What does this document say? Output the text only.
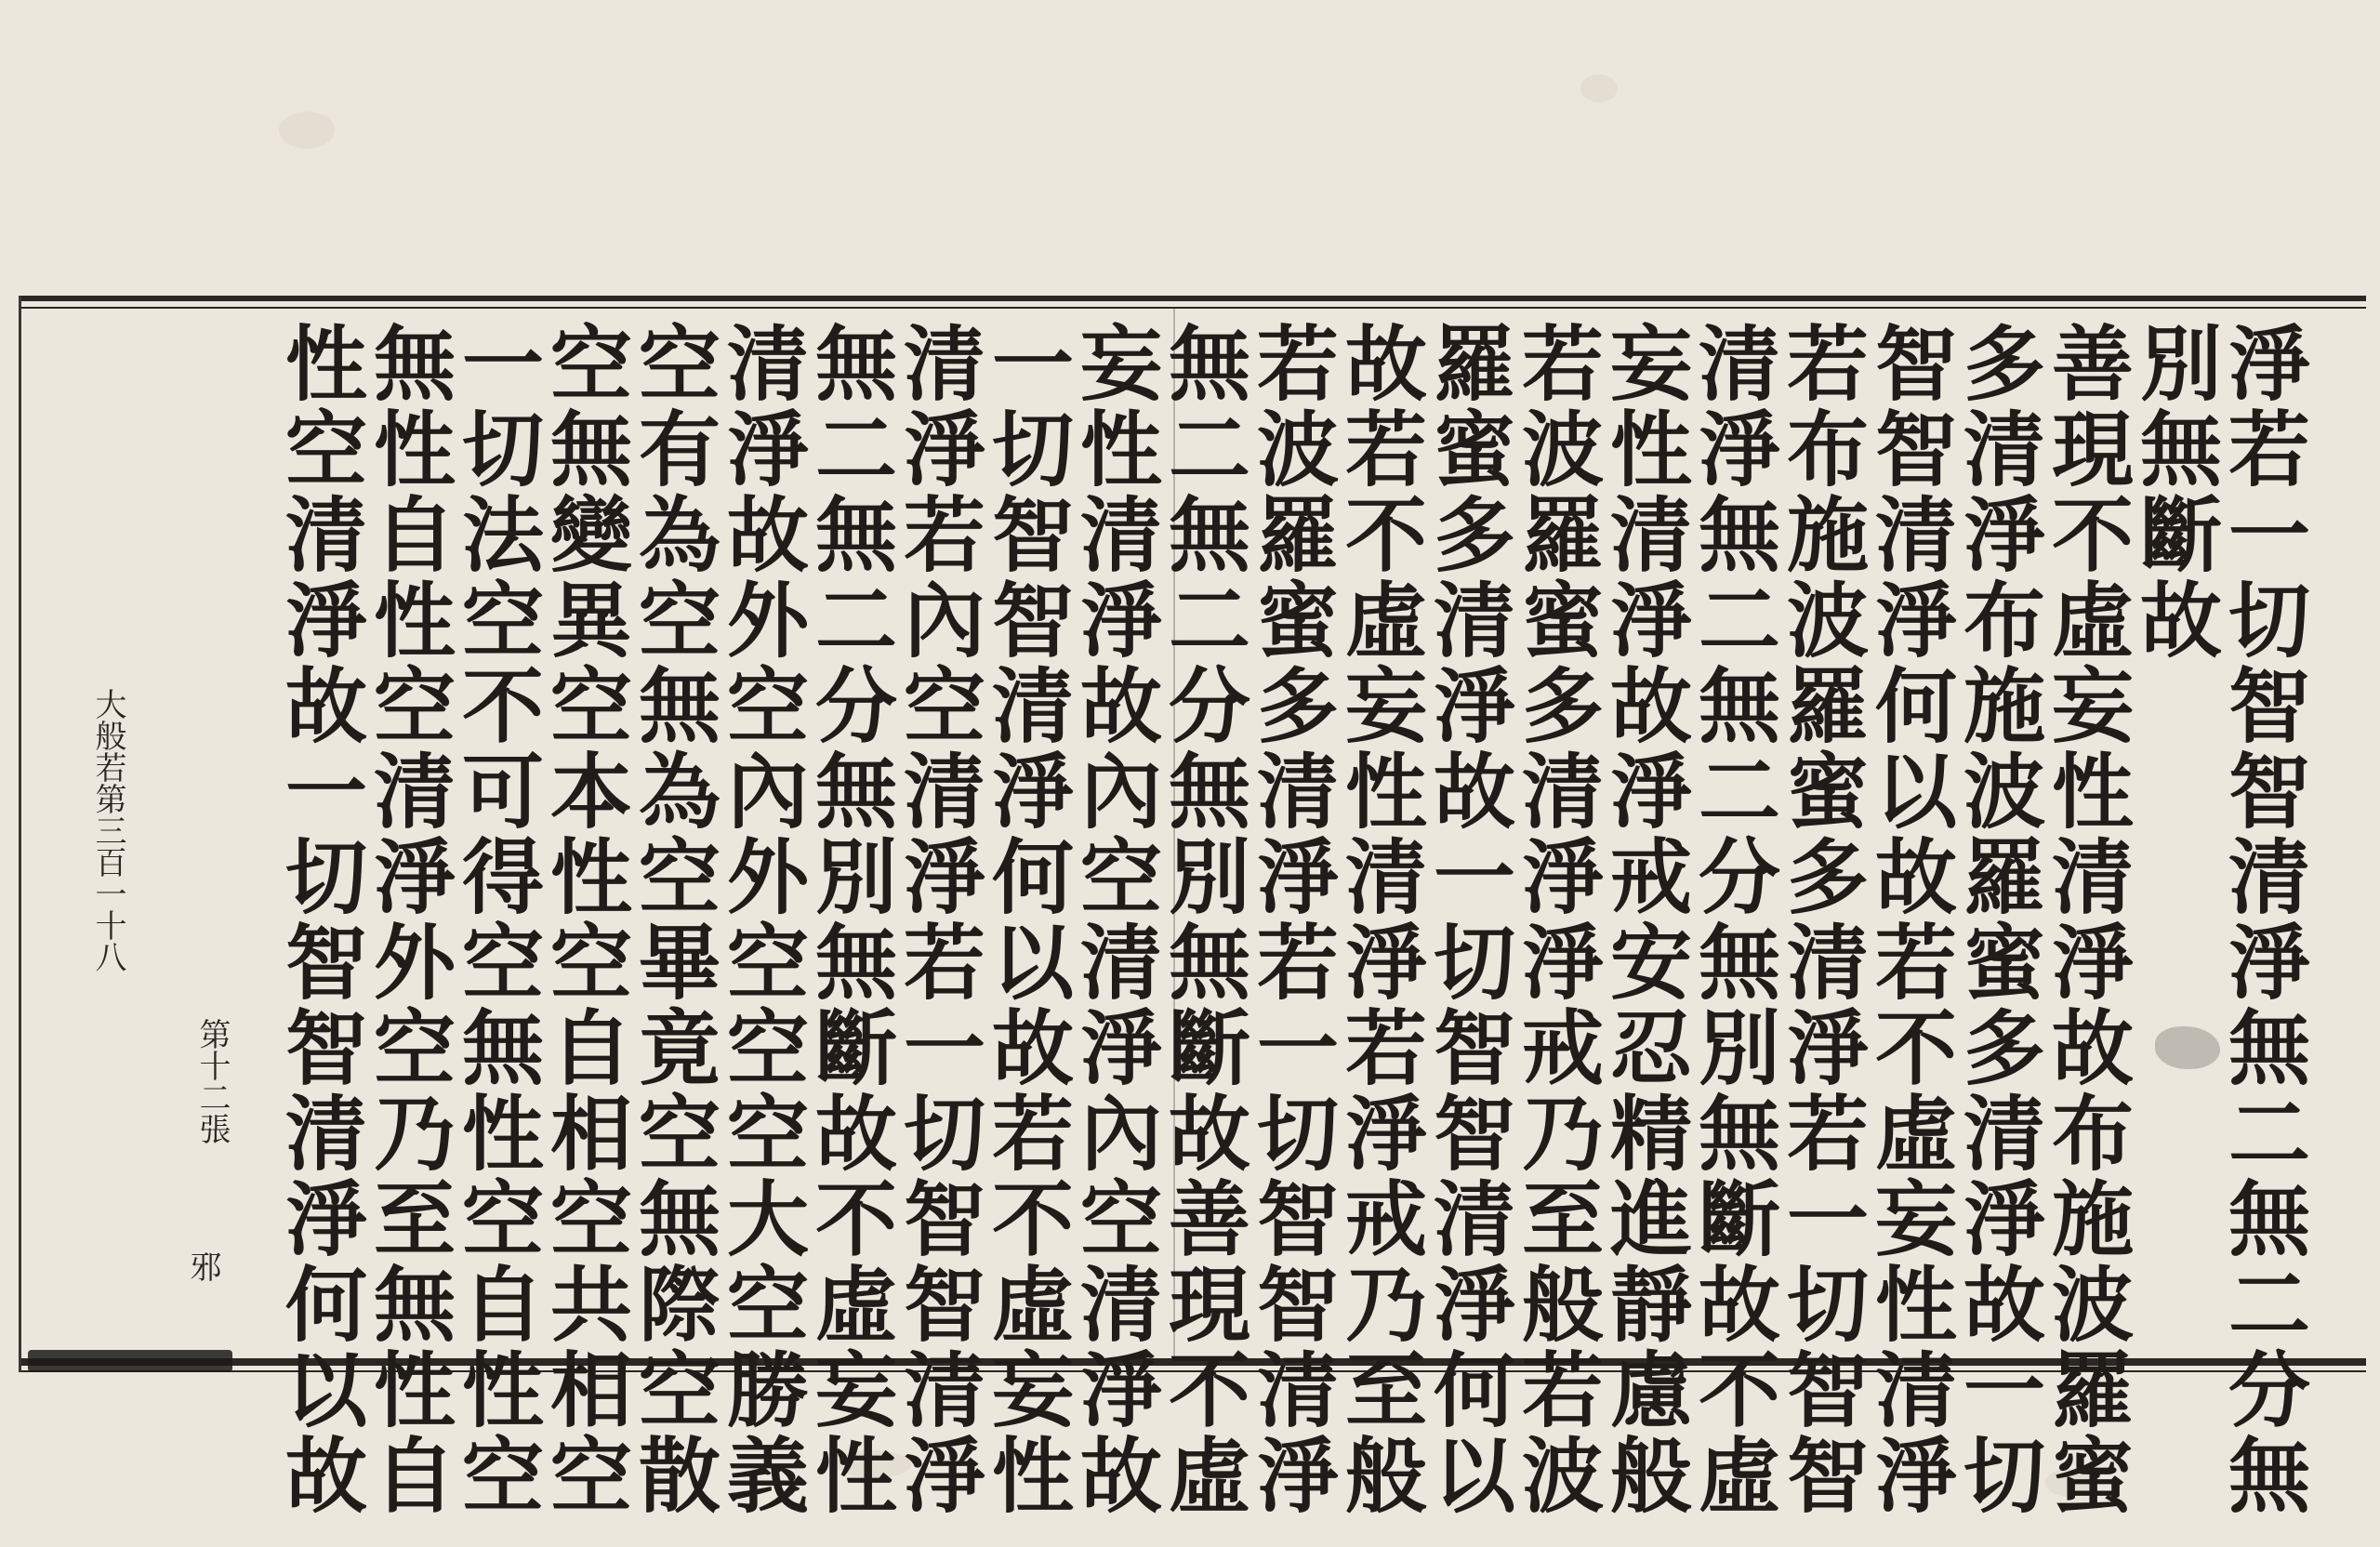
淨若一切智智清淨無二無二分無
別無斷故
善現不虛妄性清淨故布施波羅蜜
多清淨布施波羅蜜多清淨故一切
智智清淨何以故若不虛妄性清淨
若布施波羅蜜多清淨若一切智智
清淨無二無二分無別無斷故不虛
妄性清淨故淨戒安忍精進靜慮般
若波羅蜜多清淨淨戒乃至般若波
羅蜜多清淨故一切智智清淨何以
故若不虛妄性清淨若淨戒乃至般
若波羅蜜多清淨若一切智智清淨
無二無二分無別無斷故善現不虛
妄性清淨故內空清淨內空清淨故
一切智智清淨何以故若不虛妄性
清淨若內空清淨若一切智智清淨
無二無二分無別無斷故不虛妄性
清淨故外空內外空空空大空勝義
空有為空無為空畢竟空無際空散
空無變異空本性空自相空共相空
一切法空不可得空無性空自性空
無性自性空清淨外空乃至無性自
性空清淨故一切智智清淨何以故
大般若第三百一十八
第十二張
邪
